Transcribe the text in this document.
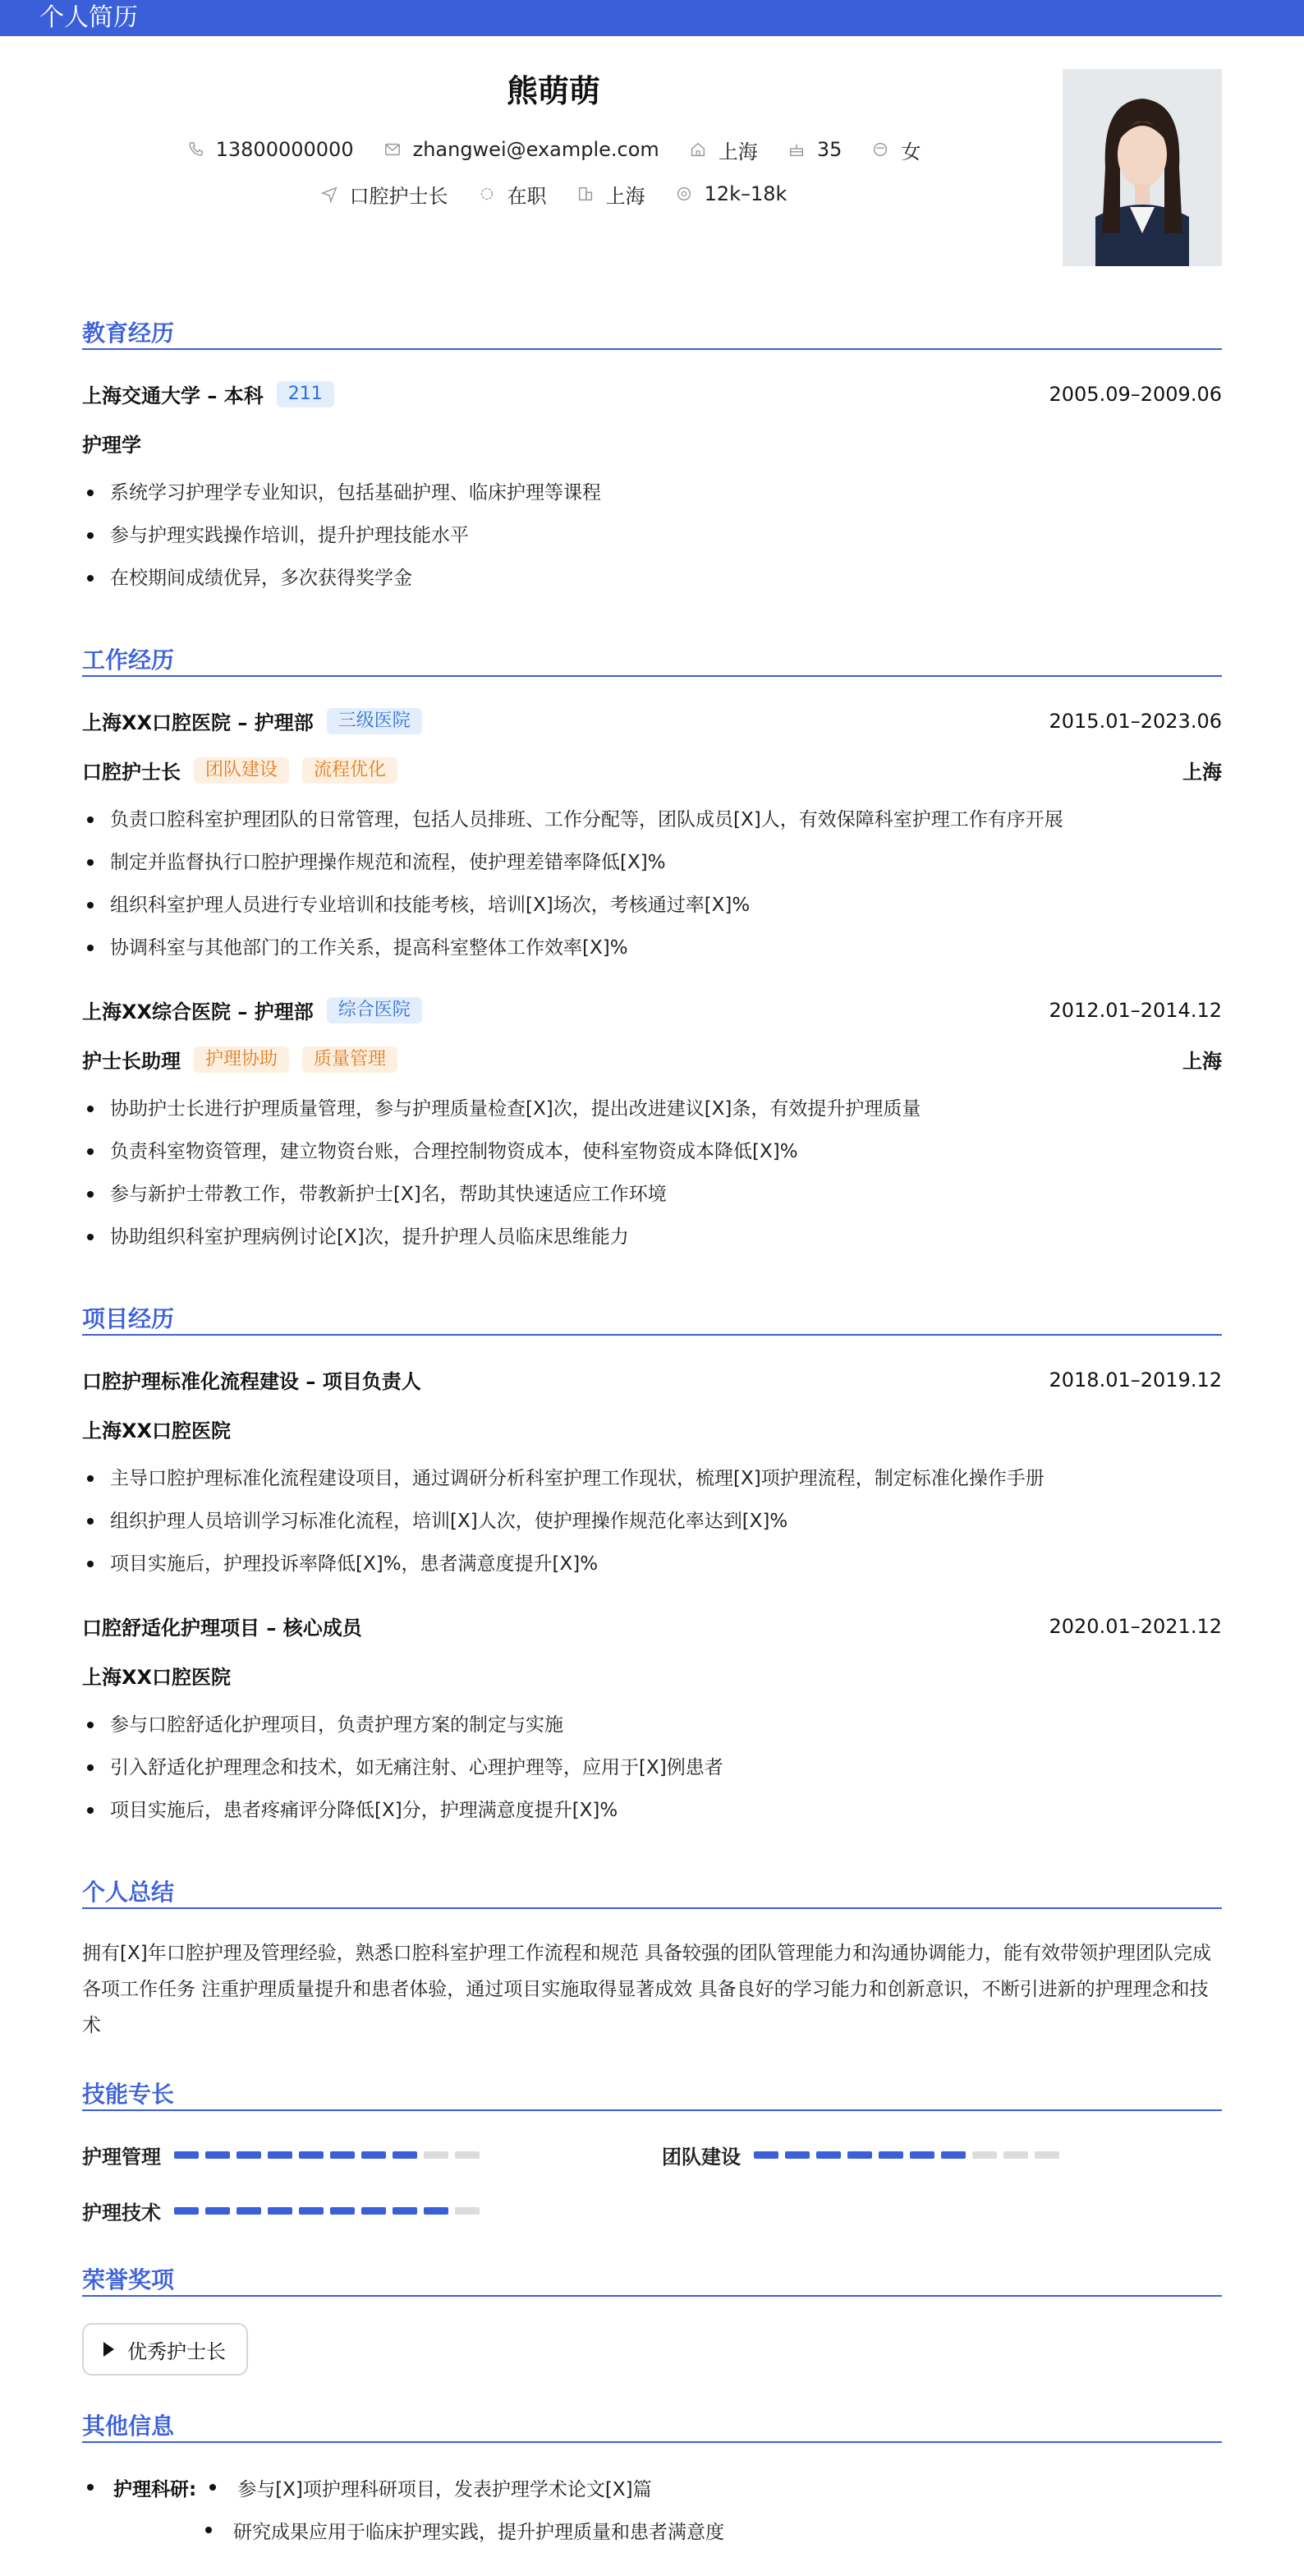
个人简历
熊萌萌
13800000000	zhangwei@example.com	上海	35	女
口腔护士长	在职	上海	12k–18k
教育经历
上海交通大学 – 本科	211	2005.09–2009.06
护理学
系统学习护理学专业知识，包括基础护理、临床护理等课程
参与护理实践操作培训，提升护理技能水平
在校期间成绩优异，多次获得奖学金
工作经历
上海XX口腔医院 – 护理部	三级医院	2015.01–2023.06
口腔护士长	团队建设	流程优化	上海
负责口腔科室护理团队的日常管理，包括人员排班、工作分配等，团队成员[X]人，有效保障科室护理工作有序开展
制定并监督执行口腔护理操作规范和流程，使护理差错率降低[X]%
组织科室护理人员进行专业培训和技能考核，培训[X]场次，考核通过率[X]%
协调科室与其他部门的工作关系，提高科室整体工作效率[X]%
上海XX综合医院 – 护理部	综合医院	2012.01–2014.12
护士长助理	护理协助	质量管理	上海
协助护士长进行护理质量管理，参与护理质量检查[X]次，提出改进建议[X]条，有效提升护理质量
负责科室物资管理，建立物资台账，合理控制物资成本，使科室物资成本降低[X]%
参与新护士带教工作，带教新护士[X]名，帮助其快速适应工作环境
协助组织科室护理病例讨论[X]次，提升护理人员临床思维能力
项目经历
口腔护理标准化流程建设 – 项目负责人	2018.01–2019.12
上海XX口腔医院
主导口腔护理标准化流程建设项目，通过调研分析科室护理工作现状，梳理[X]项护理流程，制定标准化操作手册
组织护理人员培训学习标准化流程，培训[X]人次，使护理操作规范化率达到[X]%
项目实施后，护理投诉率降低[X]%，患者满意度提升[X]%
口腔舒适化护理项目 – 核心成员	2020.01–2021.12
上海XX口腔医院
参与口腔舒适化护理项目，负责护理方案的制定与实施
引入舒适化护理理念和技术，如无痛注射、心理护理等，应用于[X]例患者
项目实施后，患者疼痛评分降低[X]分，护理满意度提升[X]%
个人总结
拥有[X]年口腔护理及管理经验，熟悉口腔科室护理工作流程和规范 具备较强的团队管理能力和沟通协调能力，能有效带领护理团队完成各项工作任务 注重护理质量提升和患者体验，通过项目实施取得显著成效 具备良好的学习能力和创新意识，不断引进新的护理理念和技术
技能专长
护理管理	团队建设
护理技术
荣誉奖项
优秀护士长
其他信息
护理科研: 参与[X]项护理科研项目，发表护理学术论文[X]篇
研究成果应用于临床护理实践，提升护理质量和患者满意度
